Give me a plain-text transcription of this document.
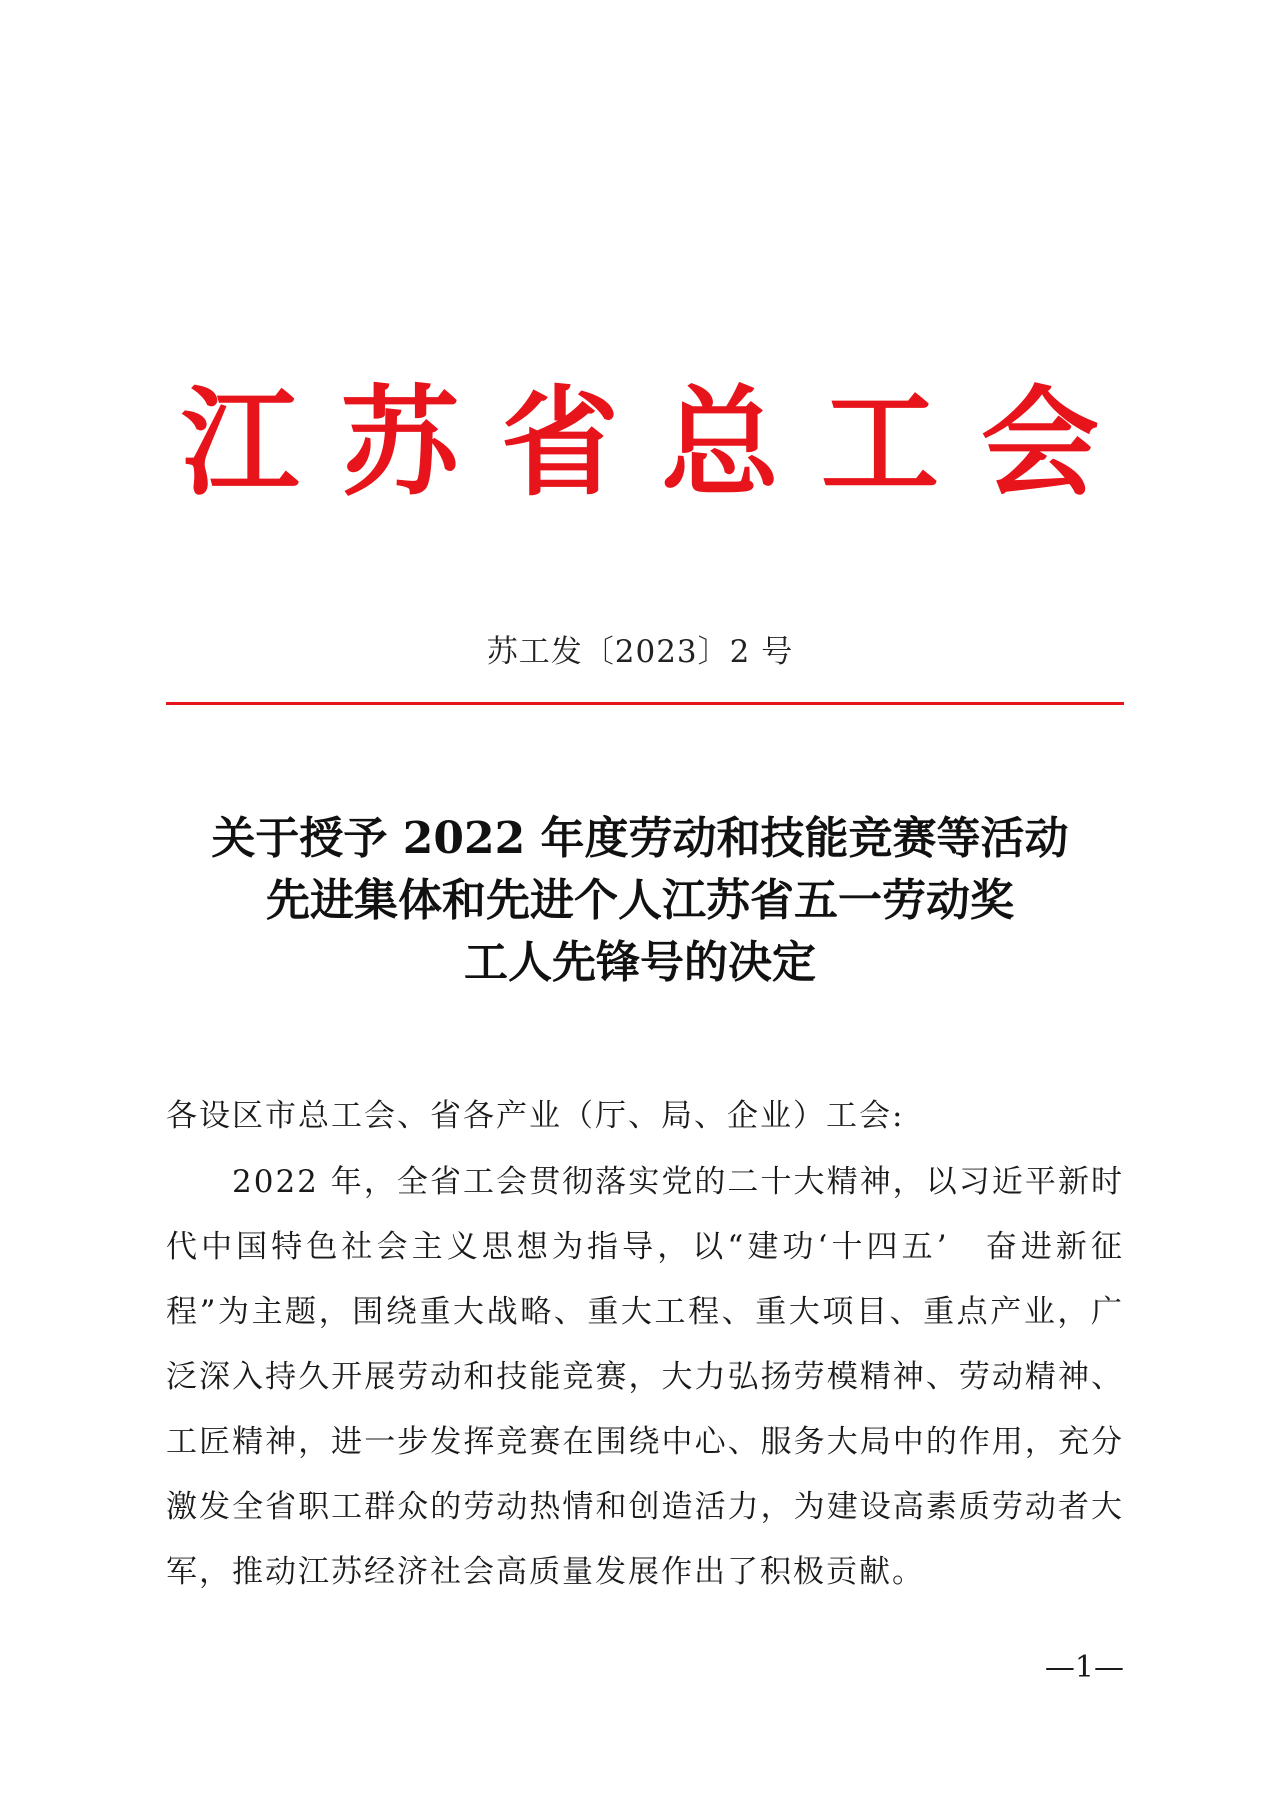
江苏省总工会
苏工发〔2023〕2 号
关于授予 2022 年度劳动和技能竞赛等活动
先进集体和先进个人江苏省五一劳动奖
工人先锋号的决定
各设区市总工会、省各产业（厅、局、企业）工会:

2022 年，全省工会贯彻落实党的二十大精神，以习近平新时代中国特色社会主义思想为指导，以“建功‘十四五’　奋进新征程”为主题，围绕重大战略、重大工程、重大项目、重点产业，广泛深入持久开展劳动和技能竞赛，大力弘扬劳模精神、劳动精神、工匠精神，进一步发挥竞赛在围绕中心、服务大局中的作用，充分激发全省职工群众的劳动热情和创造活力，为建设高素质劳动者大军，推动江苏经济社会高质量发展作出了积极贡献。

—1—
